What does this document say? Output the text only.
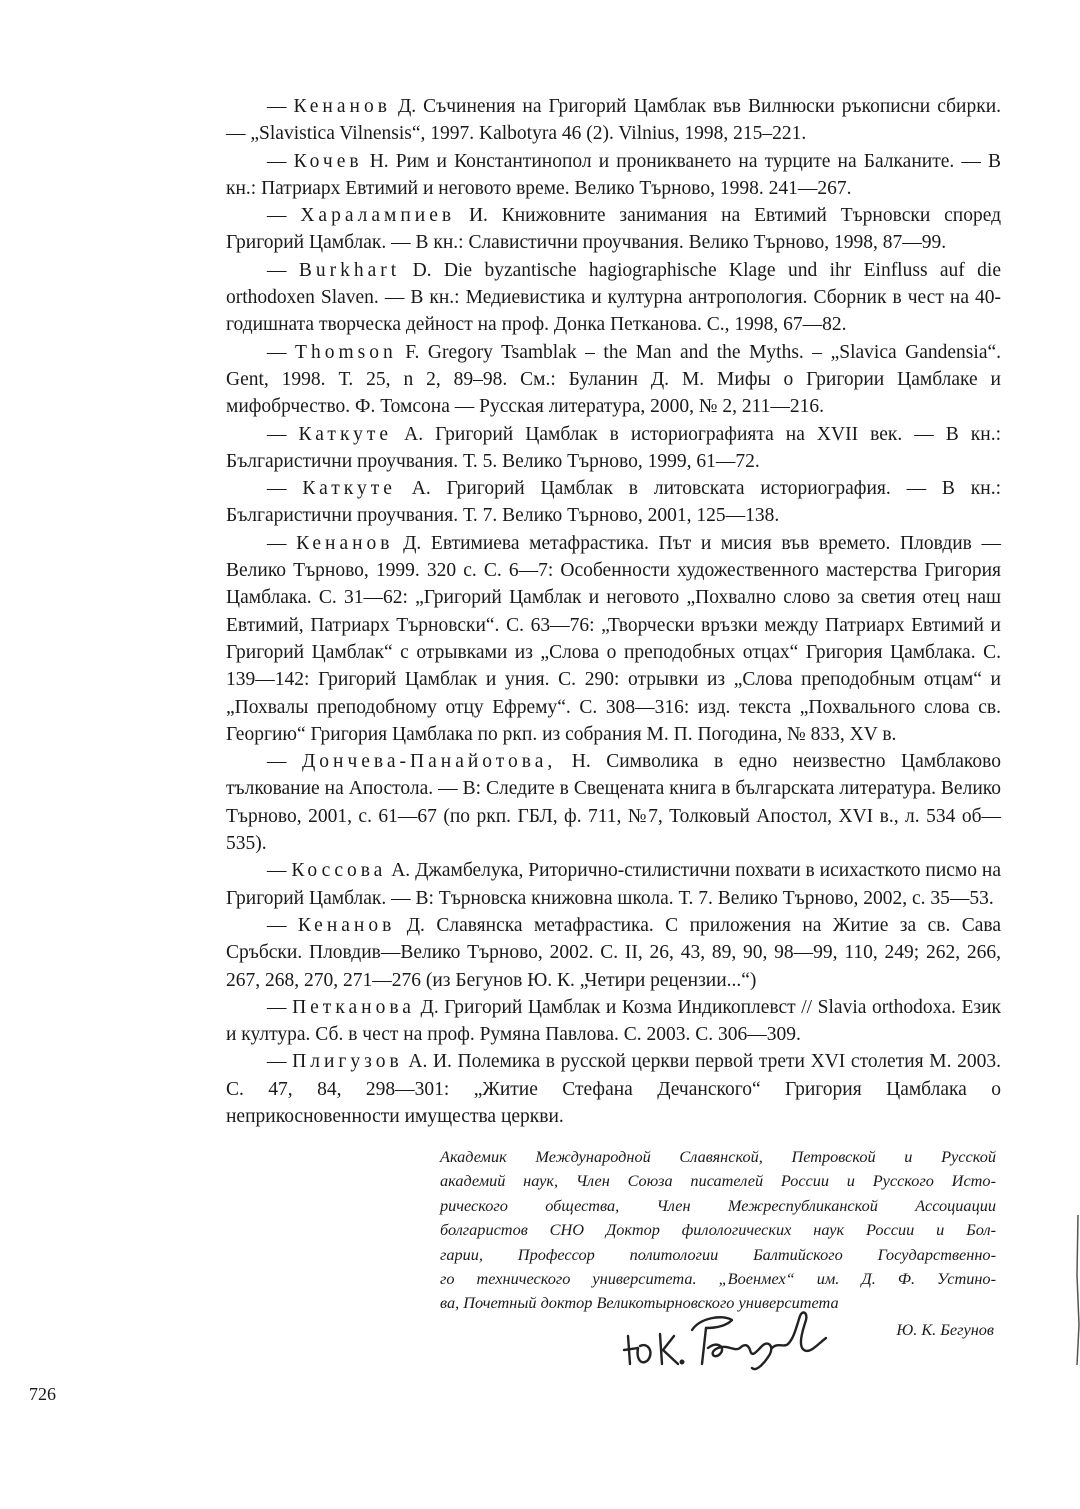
— Кенанов Д. Съчинения на Григорий Цамблак във Вилнюски ръкописни сбирки. — „Slavistica Vilnensis“, 1997. Kalbotyra 46 (2). Vilnius, 1998, 215–221.

— Кочев Н. Рим и Константинопол и проникването на турците на Балканите. — В кн.: Патриарх Евтимий и неговото време. Велико Търново, 1998. 241—267.

— Харалампиев И. Книжовните занимания на Евтимий Търновски според Григорий Цамблак. — В кн.: Славистични проучвания. Велико Търново, 1998, 87—99.

— Burkhart D. Die byzantische hagiographische Klage und ihr Einfluss auf die orthodoxen Slaven. — В кн.: Медиевистика и културна антропология. Сборник в чест на 40-годишната творческа дейност на проф. Донка Петканова. С., 1998, 67—82.

— Thomson F. Gregory Tsamblak – the Man and the Myths. – „Slavica Gandensia“. Gent, 1998. Т. 25, n 2, 89–98. См.: Буланин Д. М. Мифы о Григории Цамблаке и мифобрчество. Ф. Томсона — Русская литература, 2000, № 2, 211—216.

— Каткуте А. Григорий Цамблак в историографията на XVII век. — В кн.: Българистични проучвания. Т. 5. Велико Търново, 1999, 61—72.

— Каткуте А. Григорий Цамблак в литовската историография. — В кн.: Българистични проучвания. Т. 7. Велико Търново, 2001, 125—138.

— Кенанов Д. Евтимиева метафрастика. Път и мисия във времето. Пловдив — Велико Търново, 1999. 320 с. С. 6—7: Особенности художественного мастерства Григория Цамблака. С. 31—62: „Григорий Цамблак и неговото „Похвално слово за светия отец наш Евтимий, Патриарх Търновски“. С. 63—76: „Творчески връзки между Патриарх Евтимий и Григорий Цамблак“ с отрывками из „Слова о преподобных отцах“ Григория Цамблака. С. 139—142: Григорий Цамблак и уния. С. 290: отрывки из „Слова преподобным отцам“ и „Похвалы преподобному отцу Ефрему“. С. 308—316: изд. текста „Похвального слова св. Георгию“ Григория Цамблака по ркп. из собрания М. П. Погодина, № 833, XV в.

— Дончева-Панайотова, Н. Символика в едно неизвестно Цамблаково тълкование на Апостола. — В: Следите в Свещената книга в българската литература. Велико Търново, 2001, с. 61—67 (по ркп. ГБЛ, ф. 711, №7, Толковый Апостол, XVI в., л. 534 об—535).

— Коссова А. Джамбелука, Риторично-стилистични похвати в исихасткото писмо на Григорий Цамблак. — В: Търновска книжовна школа. Т. 7. Велико Търново, 2002, с. 35—53.

— Кенанов Д. Славянска метафрастика. С приложения на Житие за св. Сава Сръбски. Пловдив—Велико Търново, 2002. С. II, 26, 43, 89, 90, 98—99, 110, 249; 262, 266, 267, 268, 270, 271—276 (из Бегунов Ю. К. „Четири рецензии...“)

— Петканова Д. Григорий Цамблак и Козма Индикоплевст // Slavia orthodoxa. Език и култура. Сб. в чест на проф. Румяна Павлова. С. 2003. С. 306—309.

— Плигузов А. И. Полемика в русской церкви первой трети XVI столетия М. 2003. С. 47, 84, 298—301: „Житие Стефана Дечанского“ Григория Цамблака о неприкосновенности имущества церкви.

Академик Международной Славянской, Петровской и Русской
академий наук, Член Союза писателей России и Русского Исто-
рического общества, Член Межреспубликанской Ассоциации
болгаристов СНО Доктор филологических наук России и Бол-
гарии, Профессор политологии Балтийского Государственно-
го технического университета. „Военмех“ им. Д. Ф. Устино-
ва, Почетный доктор Великотырновского университета
Ю. К. Бегунов
726
